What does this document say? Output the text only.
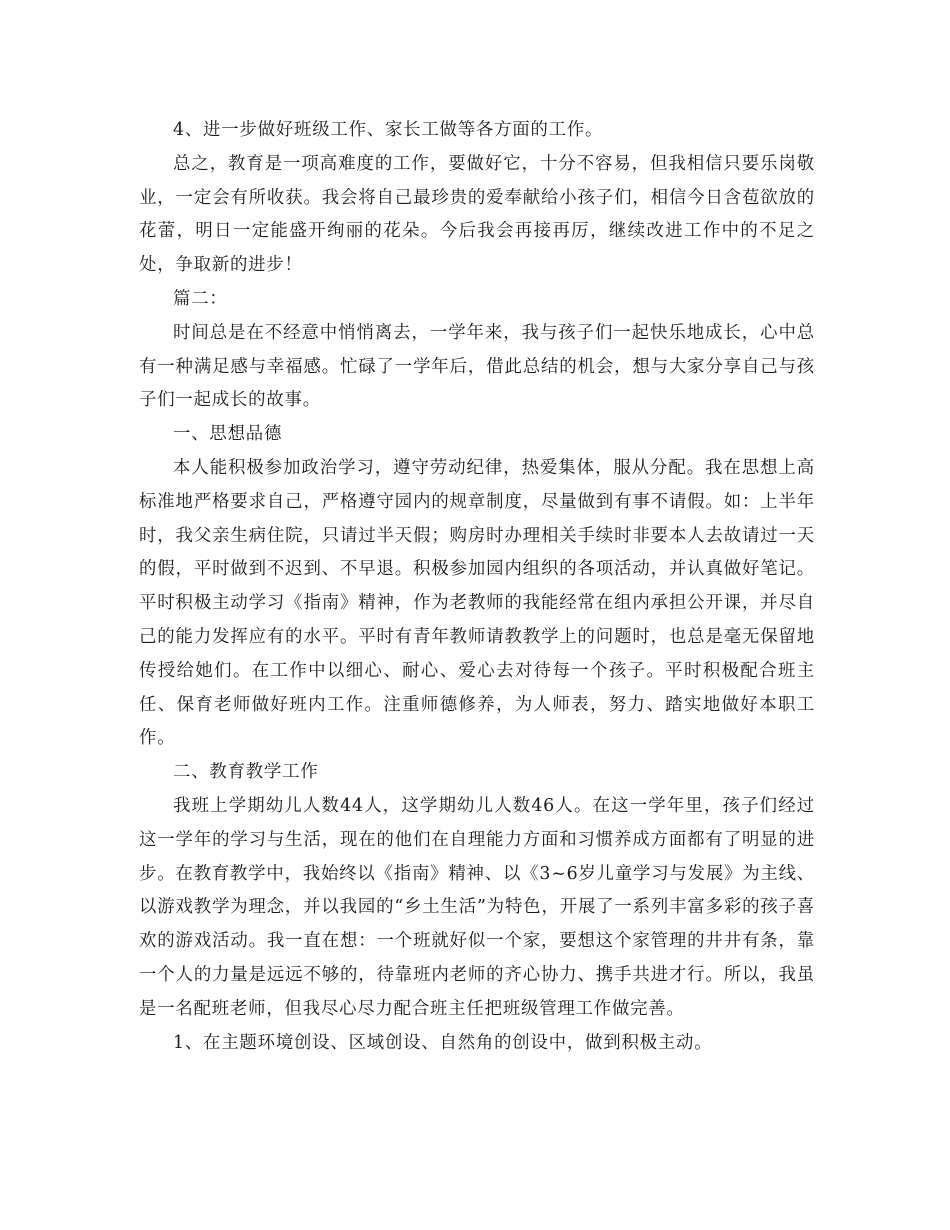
4、进一步做好班级工作、家长工做等各方面的工作。

总之，教育是一项高难度的工作，要做好它，十分不容易，但我相信只要乐岗敬业，一定会有所收获。我会将自己最珍贵的爱奉献给小孩子们，相信今日含苞欲放的花蕾，明日一定能盛开绚丽的花朵。今后我会再接再厉，继续改进工作中的不足之处，争取新的进步！

篇二：

时间总是在不经意中悄悄离去，一学年来，我与孩子们一起快乐地成长，心中总有一种满足感与幸福感。忙碌了一学年后，借此总结的机会，想与大家分享自己与孩子们一起成长的故事。

一、思想品德

本人能积极参加政治学习，遵守劳动纪律，热爱集体，服从分配。我在思想上高标准地严格要求自己，严格遵守园内的规章制度，尽量做到有事不请假。如：上半年时，我父亲生病住院，只请过半天假；购房时办理相关手续时非要本人去故请过一天的假，平时做到不迟到、不早退。积极参加园内组织的各项活动，并认真做好笔记。平时积极主动学习《指南》精神，作为老教师的我能经常在组内承担公开课，并尽自己的能力发挥应有的水平。平时有青年教师请教教学上的问题时，也总是毫无保留地传授给她们。在工作中以细心、耐心、爱心去对待每一个孩子。平时积极配合班主任、保育老师做好班内工作。注重师德修养，为人师表，努力、踏实地做好本职工作。

二、教育教学工作

我班上学期幼儿人数44人，这学期幼儿人数46人。在这一学年里，孩子们经过这一学年的学习与生活，现在的他们在自理能力方面和习惯养成方面都有了明显的进步。在教育教学中，我始终以《指南》精神、以《3~6岁儿童学习与发展》为主线、以游戏教学为理念，并以我园的“乡土生活”为特色，开展了一系列丰富多彩的孩子喜欢的游戏活动。我一直在想：一个班就好似一个家，要想这个家管理的井井有条，靠一个人的力量是远远不够的，待靠班内老师的齐心协力、携手共进才行。所以，我虽是一名配班老师，但我尽心尽力配合班主任把班级管理工作做完善。

1、在主题环境创设、区域创设、自然角的创设中，做到积极主动。
